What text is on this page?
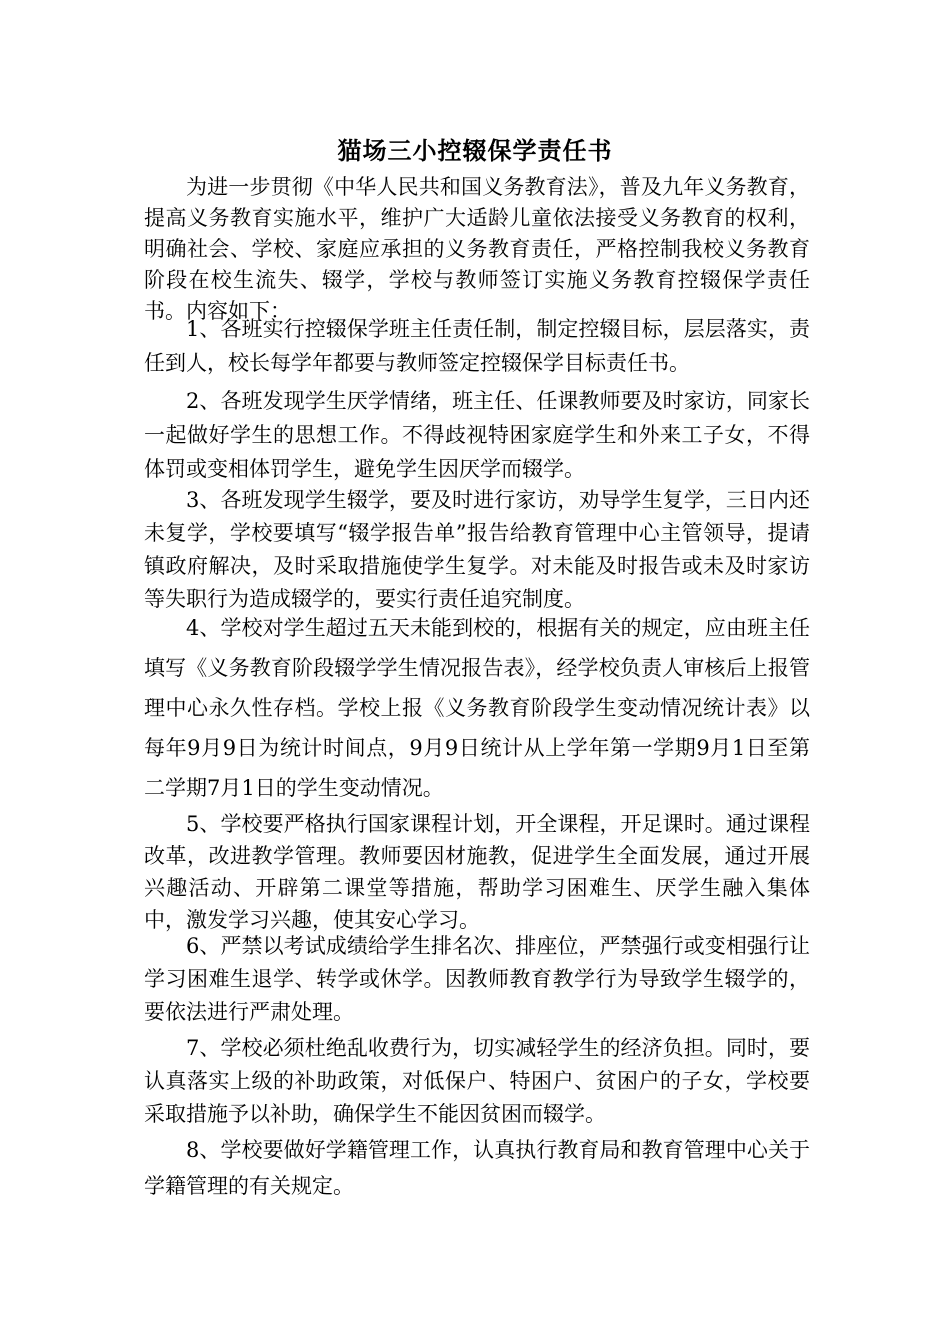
猫场三小控辍保学责任书

为进一步贯彻《中华人民共和国义务教育法》，普及九年义务教育，提高义务教育实施水平，维护广大适龄儿童依法接受义务教育的权利，明确社会、学校、家庭应承担的义务教育责任，严格控制我校义务教育阶段在校生流失、辍学，学校与教师签订实施义务教育控辍保学责任书。内容如下：

1、各班实行控辍保学班主任责任制，制定控辍目标，层层落实，责任到人，校长每学年都要与教师签定控辍保学目标责任书。

2、各班发现学生厌学情绪，班主任、任课教师要及时家访，同家长一起做好学生的思想工作。不得歧视特困家庭学生和外来工子女，不得体罚或变相体罚学生，避免学生因厌学而辍学。

3、各班发现学生辍学，要及时进行家访，劝导学生复学，三日内还未复学，学校要填写“辍学报告单”报告给教育管理中心主管领导，提请镇政府解决，及时采取措施使学生复学。对未能及时报告或未及时家访等失职行为造成辍学的，要实行责任追究制度。

4、学校对学生超过五天未能到校的，根据有关的规定，应由班主任填写《义务教育阶段辍学学生情况报告表》，经学校负责人审核后上报管理中心永久性存档。学校上报《义务教育阶段学生变动情况统计表》以每年9月9日为统计时间点，9月9日统计从上学年第一学期9月1日至第二学期7月1日的学生变动情况。

5、学校要严格执行国家课程计划，开全课程，开足课时。通过课程改革，改进教学管理。教师要因材施教，促进学生全面发展，通过开展兴趣活动、开辟第二课堂等措施，帮助学习困难生、厌学生融入集体中，激发学习兴趣，使其安心学习。

6、严禁以考试成绩给学生排名次、排座位，严禁强行或变相强行让学习困难生退学、转学或休学。因教师教育教学行为导致学生辍学的，要依法进行严肃处理。

7、学校必须杜绝乱收费行为，切实减轻学生的经济负担。同时，要认真落实上级的补助政策，对低保户、特困户、贫困户的子女，学校要采取措施予以补助，确保学生不能因贫困而辍学。

8、学校要做好学籍管理工作，认真执行教育局和教育管理中心关于学籍管理的有关规定。
